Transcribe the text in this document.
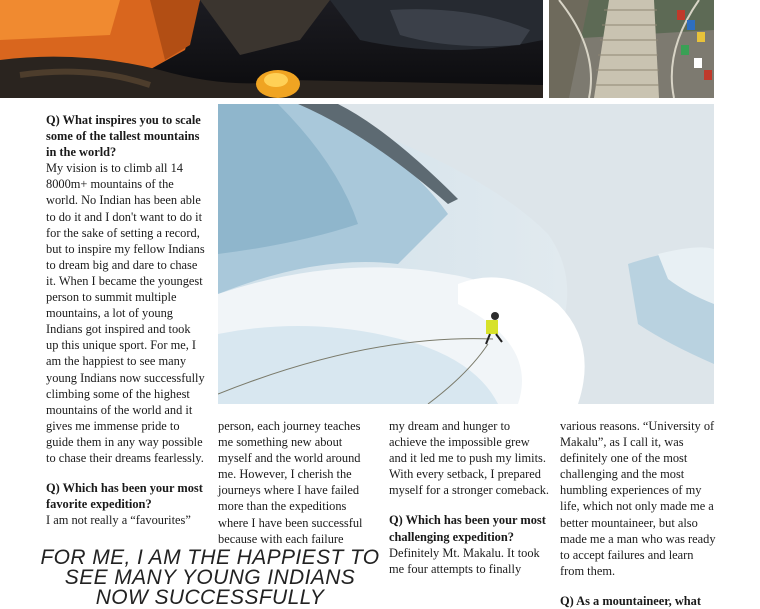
Q) What inspires you to scale some of the tallest mountains in the world?

My vision is to climb all 14 8000m+ mountains of the world. No Indian has been able to do it and I don't want to do it for the sake of setting a record, but to inspire my fellow Indians to dream big and dare to chase it. When I became the youngest person to summit multiple mountains, a lot of young Indians got inspired and took up this unique sport. For me, I am the happiest to see many young Indians now successfully climbing some of the highest mountains of the world and it gives me immense pride to guide them in any way possible to chase their dreams fearlessly.

Q) Which has been your most favorite expedition?

I am not really a “favourites”

person, each journey teaches me something new about myself and the world around me. However, I cherish the journeys where I have failed more than the expeditions where I have been successful because with each failure

my dream and hunger to achieve the impossible grew and it led me to push my limits. With every setback, I prepared myself for a stronger comeback.

Q) Which has been your most challenging expedition?

Definitely Mt. Makalu. It took me four attempts to finally

various reasons. “University of Makalu”, as I call it, was definitely one of the most challenging and the most humbling experiences of my life, which not only made me a better mountaineer, but also made me a man who was ready to accept failures and learn from them.

Q) As a mountaineer, what

FOR ME, I AM THE HAPPIEST TO SEE MANY YOUNG INDIANS NOW SUCCESSFULLY
